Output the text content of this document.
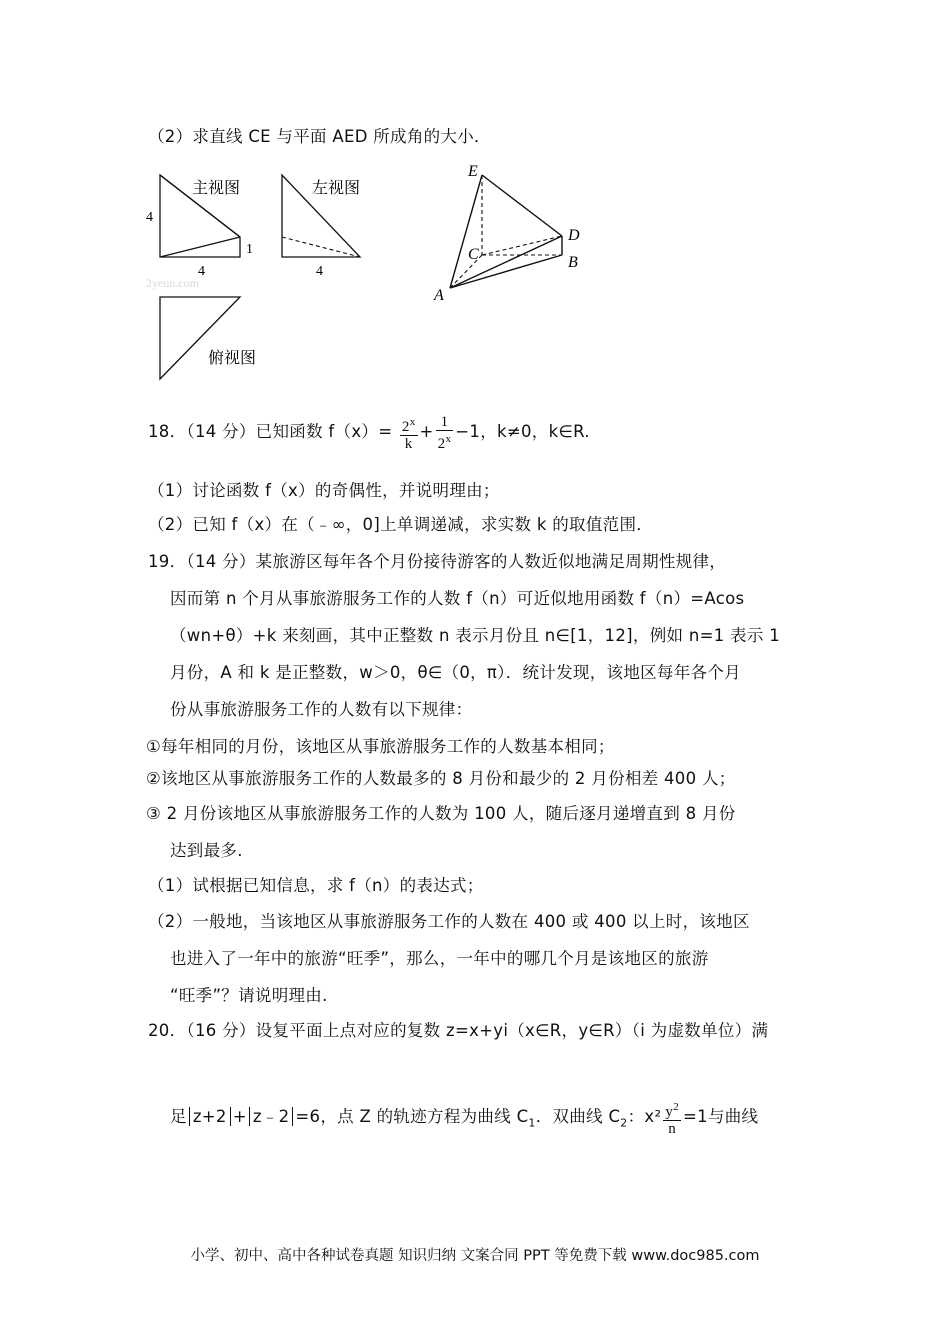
（2）求直线 CE 与平面 AED 所成角的大小．
主视图
4
1
4
左视图
4
2yeun.com
俯视图
E
D
C	B
A
18．（14 分）已知函数 $f(x)= \frac{2^x}{k} + \frac{1}{2^x} -1$，k≠0，k∈R.
（1）讨论函数 f（x）的奇偶性，并说明理由；
（2）已知 f（x）在（﹣∞，0]上单调递减，求实数 k 的取值范围．
19．（14 分）某旅游区每年各个月份接待游客的人数近似地满足周期性规律，
因而第 n 个月从事旅游服务工作的人数 f（n）可近似地用函数 f（n）=Acos
（wn+θ）+k 来刻画，其中正整数 n 表示月份且 n∈[1，12]，例如 n=1 表示 1
月份，A 和 k 是正整数，w＞0，θ∈（0，π）．统计发现，该地区每年各个月
份从事旅游服务工作的人数有以下规律：
①每年相同的月份，该地区从事旅游服务工作的人数基本相同；
②该地区从事旅游服务工作的人数最多的 8 月份和最少的 2 月份相差 400 人；
③ 2 月份该地区从事旅游服务工作的人数为 100 人，随后逐月递增直到 8 月份
达到最多.
（1）试根据已知信息，求 f（n）的表达式；
（2）一般地，当该地区从事旅游服务工作的人数在 400 或 400 以上时，该地区
也进入了一年中的旅游“旺季”，那么，一年中的哪几个月是该地区的旅游
“旺季”？请说明理由.
20．（16 分）设复平面上点对应的复数 z=x+yi（x∈R，y∈R）（i 为虚数单位）满
足 z+2 + z﹣2 =6，点 Z 的轨迹方程为曲线 $C_1$．双曲线 $C_2$：$x^2 \frac{y^2}{n} =1$与曲线
小学、初中、高中各种试卷真题 知识归纳 文案合同 PPT 等免费下载 www.doc985.com
